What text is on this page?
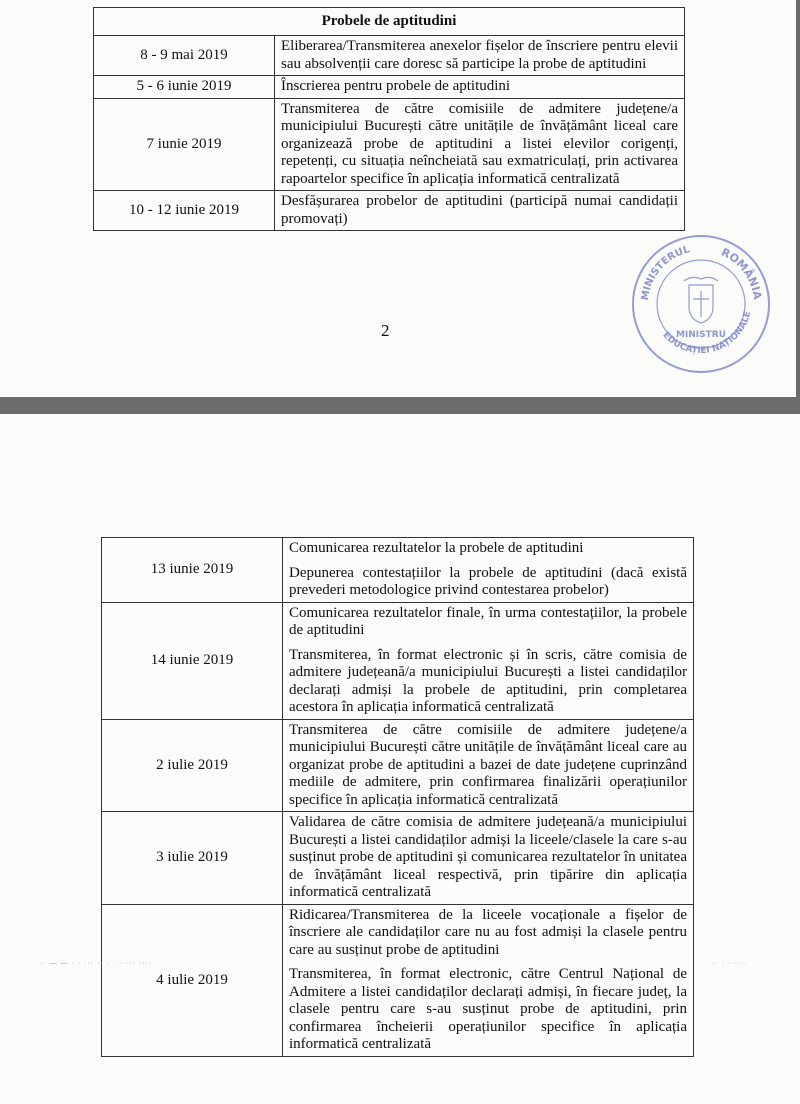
Probele de aptitudini	
8 - 9 mai 2019	Eliberarea/Transmiterea anexelor fișelor de înscriere pentru elevii sau absolvenții care doresc să participe la probe de aptitudini

5 - 6 iunie 2019	Înscrierea pentru probele de aptitudini

7 iunie 2019	Transmiterea de către comisiile de admitere județene/a municipiului București către unitățile de învățământ liceal care organizează probe de aptitudini a listei elevilor corigenți, repetenți, cu situația neîncheiată sau exmatriculați, prin activarea rapoartelor specifice în aplicația informatică centralizată

10 - 12 iunie 2019	Desfășurarea probelor de aptitudini (participă numai candidații promovați)

2
ROMÂNIA
MINISTERUL
EDUCAȚIEI NAȚIONALE
MINISTRU
13 iunie 2019	Comunicarea rezultatelor la probele de aptitudini

Depunerea contestațiilor la probele de aptitudini (dacă există prevederi metodologice privind contestarea probelor)

14 iunie 2019	Comunicarea rezultatelor finale, în urma contestațiilor, la probele de aptitudini

Transmiterea, în format electronic și în scris, către comisia de admitere județeană/a municipiului București a listei candidaților declarați admiși la probele de aptitudini, prin completarea acestora în aplicația informatică centralizată

2 iulie 2019	Transmiterea de către comisiile de admitere județene/a municipiului București către unitățile de învățământ liceal care au organizat probe de aptitudini a bazei de date județene cuprinzând mediile de admitere, prin confirmarea finalizării operațiunilor specifice în aplicația informatică centralizată

3 iulie 2019	Validarea de către comisia de admitere județeană/a municipiului București a listei candidaților admiși la liceele/clasele la care s-au susținut probe de aptitudini și comunicarea rezultatelor în unitatea de învățământ liceal respectivă, prin tipărire din aplicația informatică centralizată

4 iulie 2019	Ridicarea/Transmiterea de la liceele vocaționale a fișelor de înscriere ale candidaților care nu au fost admiși la clasele pentru care au susținut probe de aptitudini

Transmiterea, în format electronic, către Centrul Național de Admitere a listei candidaților declarați admiși, în fiecare județ, la clasele pentru care s-au susținut probe de aptitudini, prin confirmarea încheierii operațiunilor specifice în aplicația informatică centralizată

·· — — · · ··· ·· · · ····· ····	·· · ······
